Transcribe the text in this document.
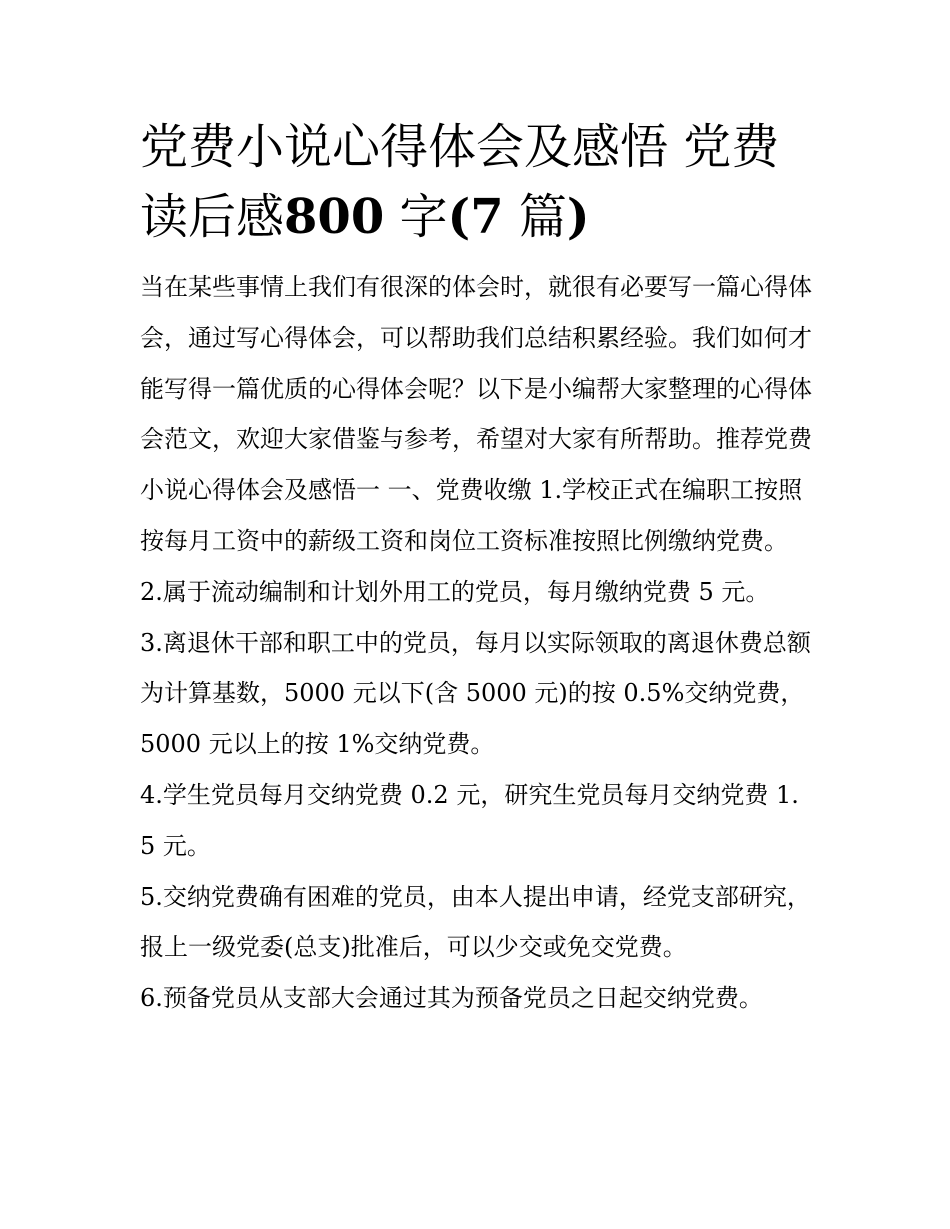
党费小说心得体会及感悟 党费读后感800 字(7 篇)

当在某些事情上我们有很深的体会时，就很有必要写一篇心得体会，通过写心得体会，可以帮助我们总结积累经验。我们如何才能写得一篇优质的心得体会呢？以下是小编帮大家整理的心得体会范文，欢迎大家借鉴与参考，希望对大家有所帮助。推荐党费小说心得体会及感悟一 一、党费收缴 1.学校正式在编职工按照按每月工资中的薪级工资和岗位工资标准按照比例缴纳党费。

2.属于流动编制和计划外用工的党员，每月缴纳党费 5 元。

3.离退休干部和职工中的党员，每月以实际领取的离退休费总额为计算基数，5000 元以下(含 5000 元)的按 0.5%交纳党费，5000 元以上的按 1%交纳党费。

4.学生党员每月交纳党费 0.2 元，研究生党员每月交纳党费 1.5 元。

5.交纳党费确有困难的党员，由本人提出申请，经党支部研究，报上一级党委(总支)批准后，可以少交或免交党费。

6.预备党员从支部大会通过其为预备党员之日起交纳党费。
